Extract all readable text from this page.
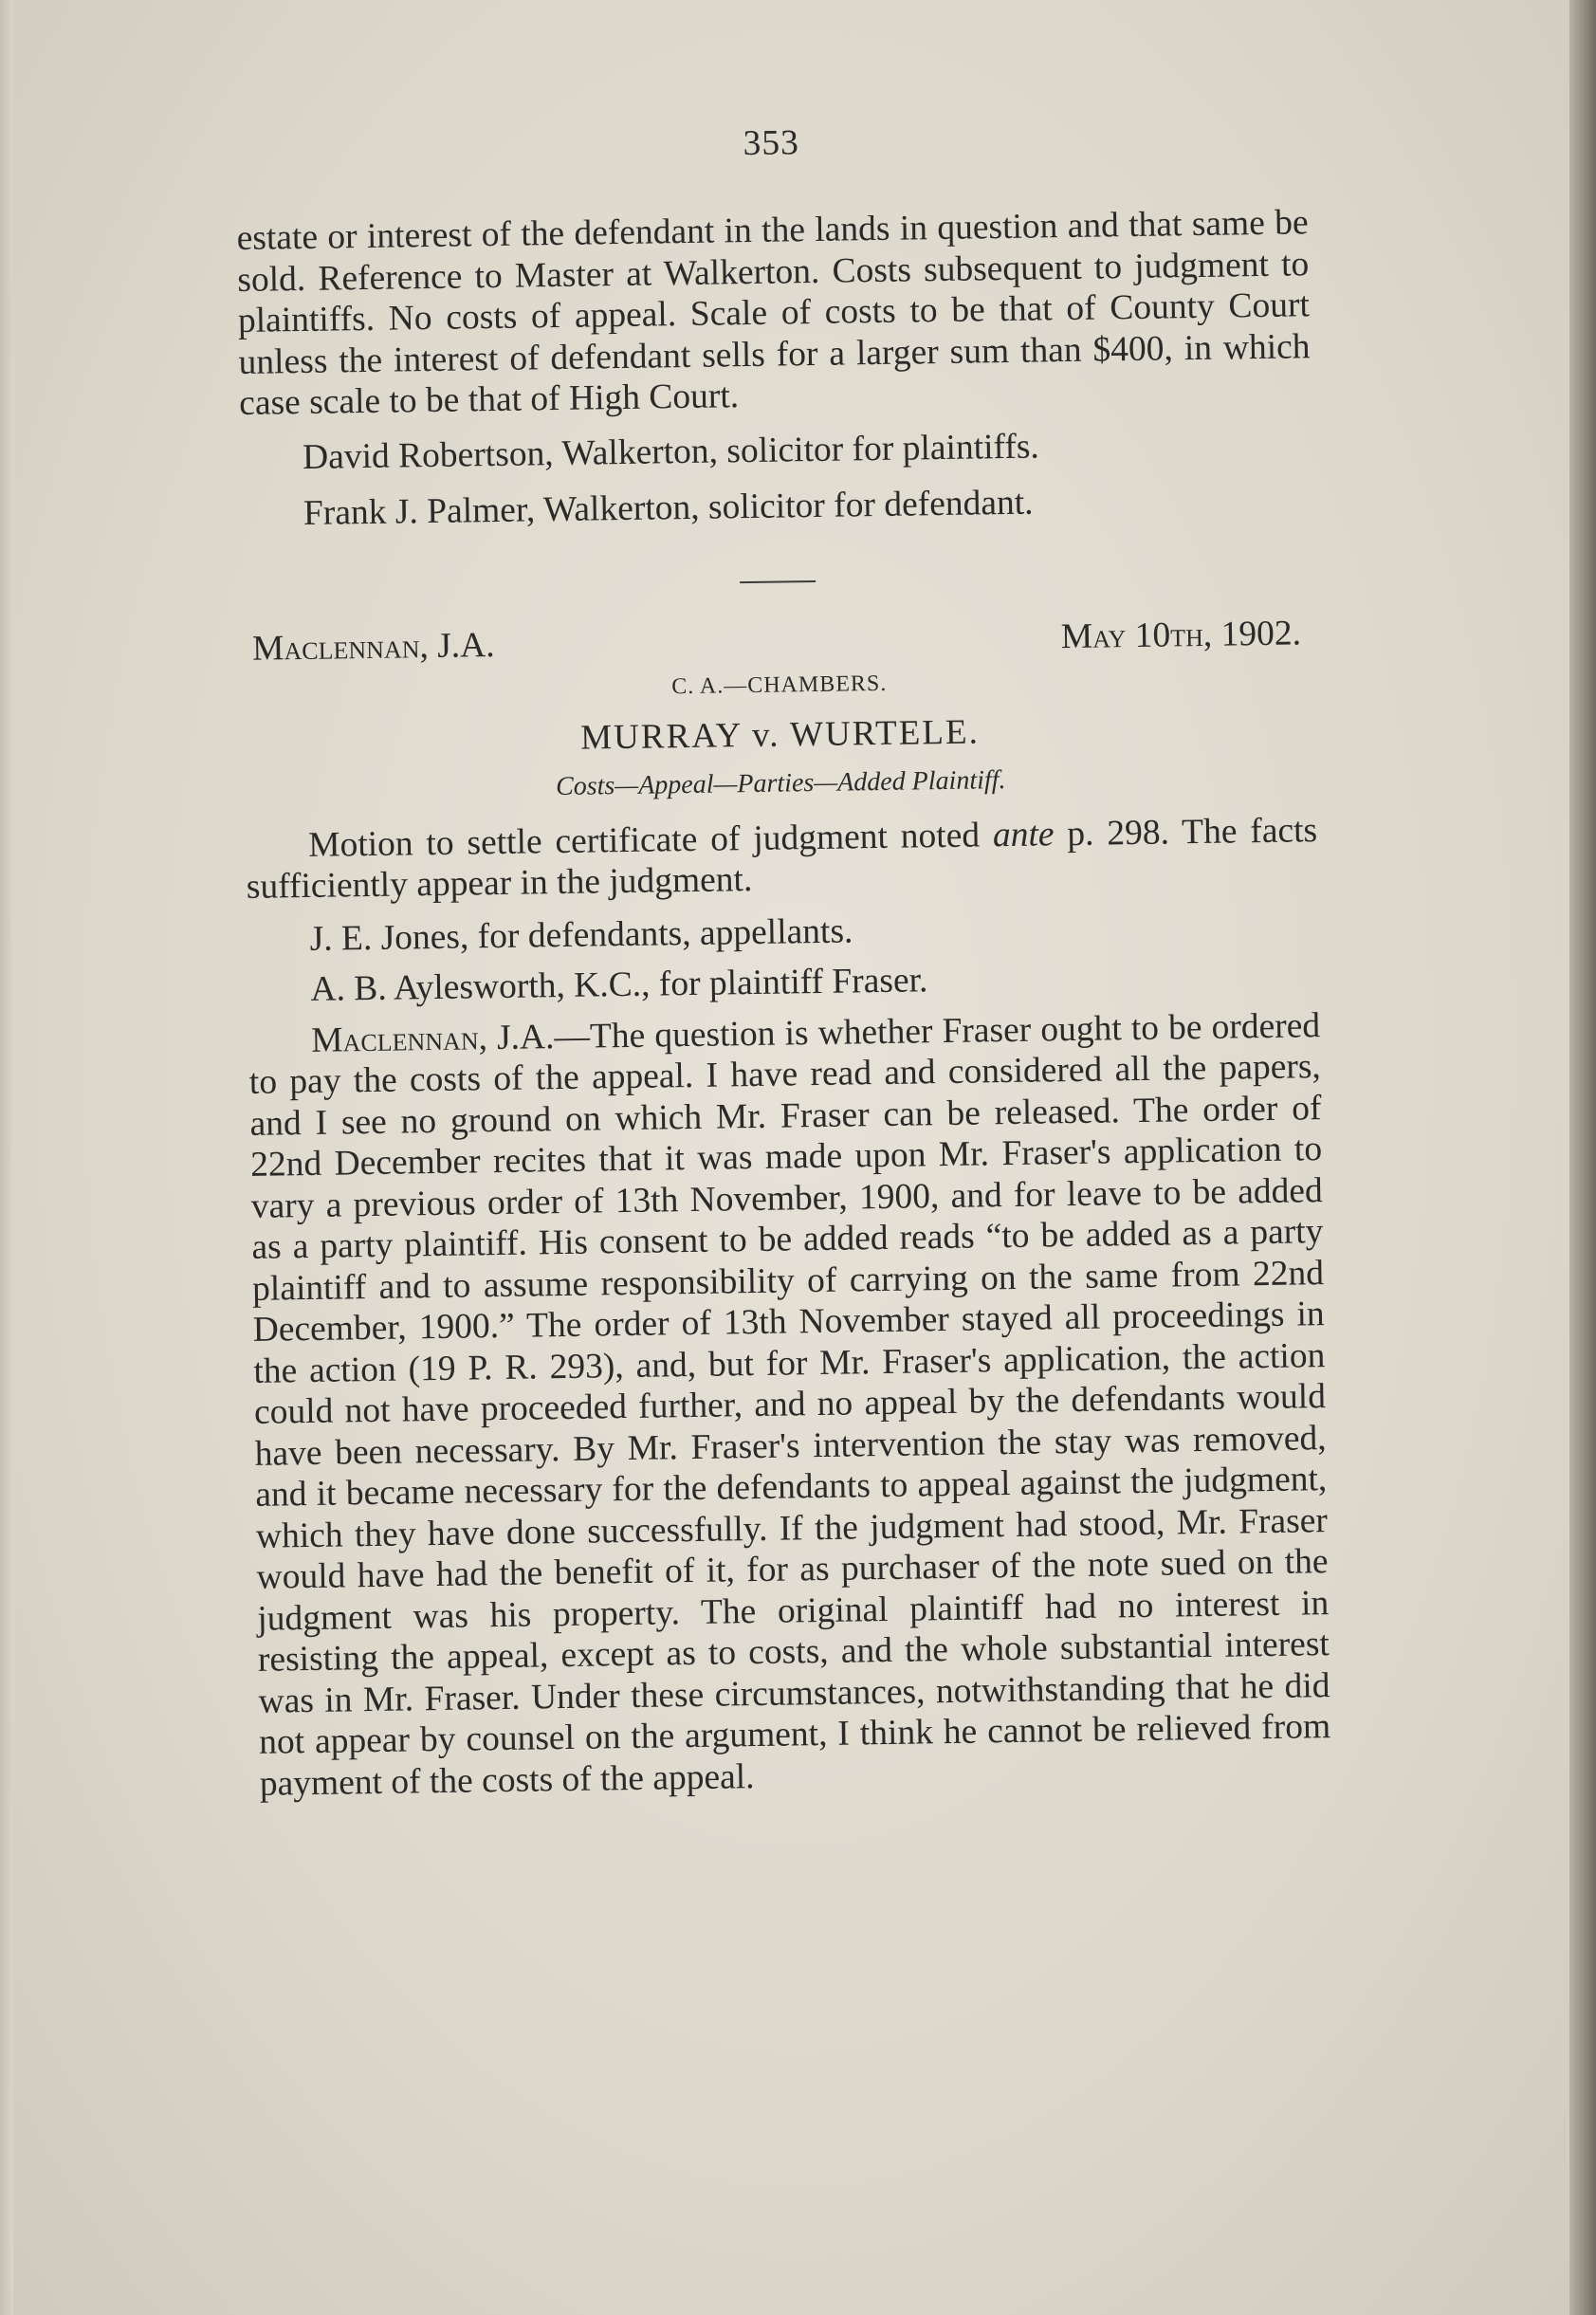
353

estate or interest of the defendant in the lands in question and that same be sold. Reference to Master at Walkerton. Costs subsequent to judgment to plaintiffs. No costs of appeal. Scale of costs to be that of County Court unless the interest of defendant sells for a larger sum than $400, in which case scale to be that of High Court.

David Robertson, Walkerton, solicitor for plaintiffs.

Frank J. Palmer, Walkerton, solicitor for defendant.

Maclennan, J.A.	May 10th, 1902.
C. A.—CHAMBERS.
MURRAY v. WURTELE.
Costs—Appeal—Parties—Added Plaintiff.

Motion to settle certificate of judgment noted ante p. 298. The facts sufficiently appear in the judgment.

J. E. Jones, for defendants, appellants.

A. B. Aylesworth, K.C., for plaintiff Fraser.

Maclennan, J.A.—The question is whether Fraser ought to be ordered to pay the costs of the appeal. I have read and considered all the papers, and I see no ground on which Mr. Fraser can be released. The order of 22nd December recites that it was made upon Mr. Fraser's application to vary a previous order of 13th November, 1900, and for leave to be added as a party plaintiff. His consent to be added reads “to be added as a party plaintiff and to assume responsibility of carrying on the same from 22nd December, 1900.” The order of 13th November stayed all proceedings in the action (19 P. R. 293), and, but for Mr. Fraser's application, the action could not have proceeded further, and no appeal by the defendants would have been necessary. By Mr. Fraser's intervention the stay was removed, and it became necessary for the defendants to appeal against the judgment, which they have done successfully. If the judgment had stood, Mr. Fraser would have had the benefit of it, for as purchaser of the note sued on the judgment was his property. The original plaintiff had no interest in resisting the appeal, except as to costs, and the whole substantial interest was in Mr. Fraser. Under these circumstances, notwithstanding that he did not appear by counsel on the argument, I think he cannot be relieved from payment of the costs of the appeal.
